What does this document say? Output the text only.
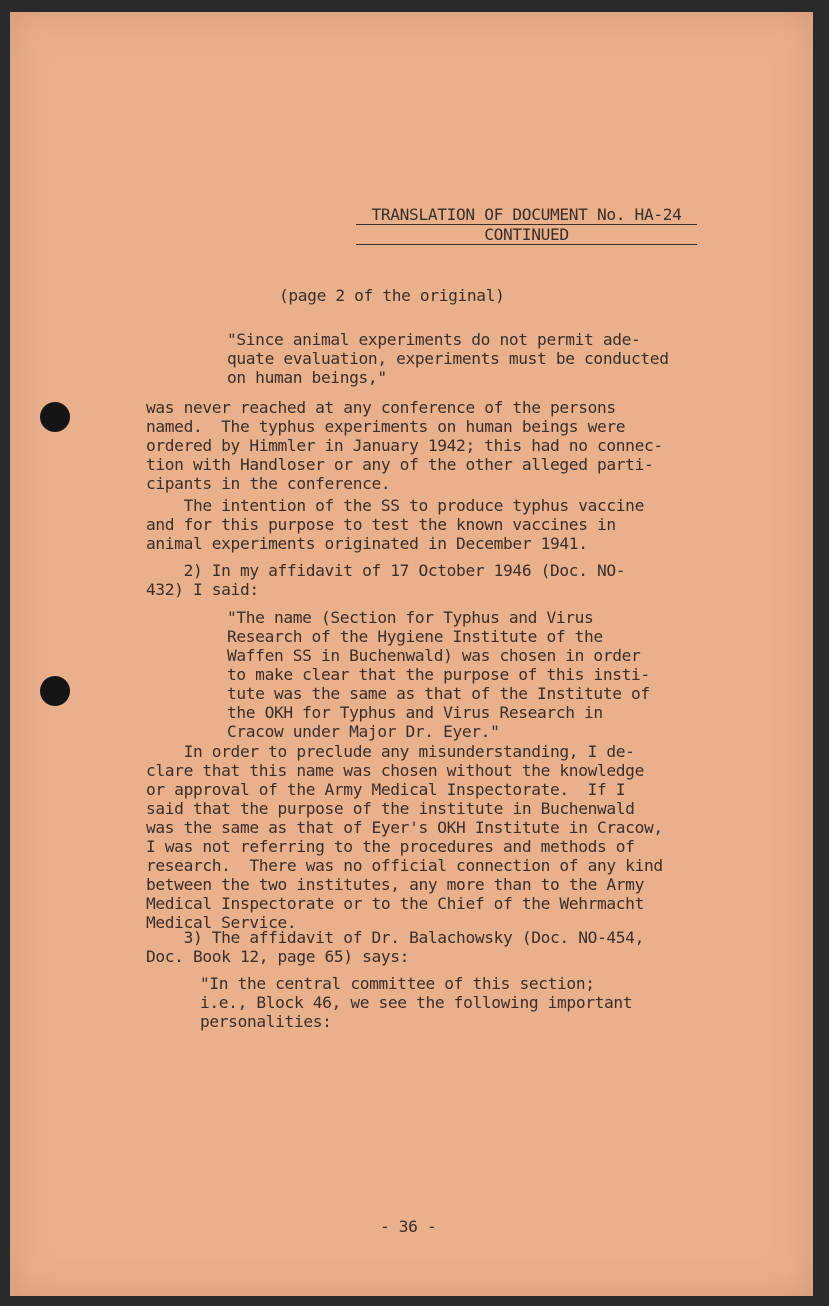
TRANSLATION OF DOCUMENT No. HA-24
CONTINUED
(page 2 of the original)
"Since animal experiments do not permit ade-
quate evaluation, experiments must be conducted
on human beings,"
was never reached at any conference of the persons
named.  The typhus experiments on human beings were
ordered by Himmler in January 1942; this had no connec-
tion with Handloser or any of the other alleged parti-
cipants in the conference.
The intention of the SS to produce typhus vaccine
and for this purpose to test the known vaccines in
animal experiments originated in December 1941.
2) In my affidavit of 17 October 1946 (Doc. NO-
432) I said:
"The name (Section for Typhus and Virus
Research of the Hygiene Institute of the
Waffen SS in Buchenwald) was chosen in order
to make clear that the purpose of this insti-
tute was the same as that of the Institute of
the OKH for Typhus and Virus Research in
Cracow under Major Dr. Eyer."
In order to preclude any misunderstanding, I de-
clare that this name was chosen without the knowledge
or approval of the Army Medical Inspectorate.  If I
said that the purpose of the institute in Buchenwald
was the same as that of Eyer's OKH Institute in Cracow,
I was not referring to the procedures and methods of
research.  There was no official connection of any kind
between the two institutes, any more than to the Army
Medical Inspectorate or to the Chief of the Wehrmacht
Medical Service.
3) The affidavit of Dr. Balachowsky (Doc. NO-454,
Doc. Book 12, page 65) says:
"In the central committee of this section;
i.e., Block 46, we see the following important
personalities:
- 36 -
